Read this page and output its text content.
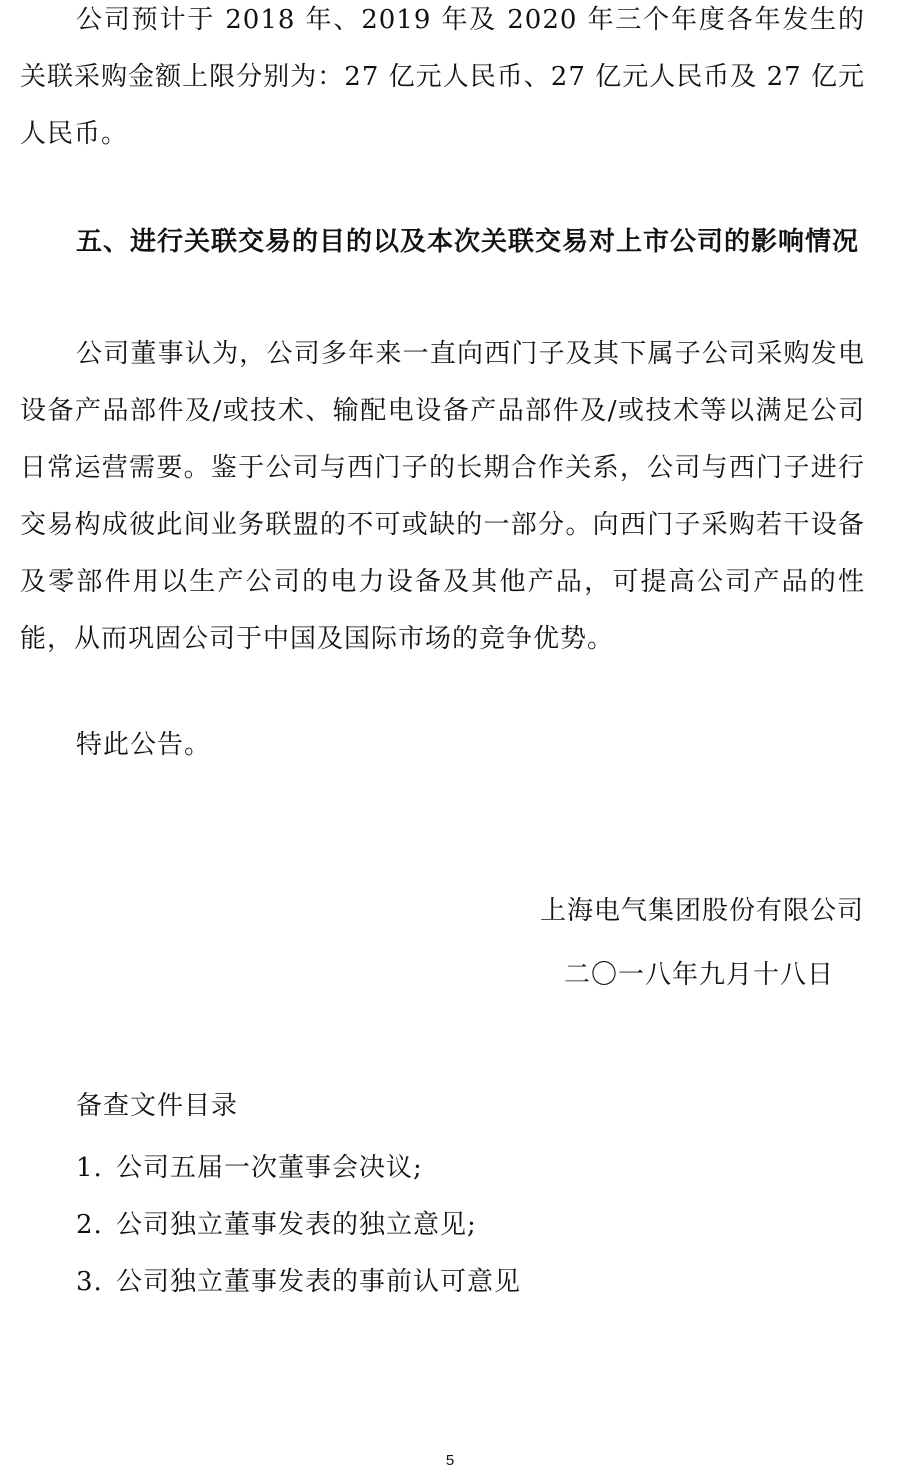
公司预计于 2018 年、2019 年及 2020 年三个年度各年发生的关联采购金额上限分别为：27 亿元人民币、27 亿元人民币及 27 亿元人民币。

五、进行关联交易的目的以及本次关联交易对上市公司的影响情况

公司董事认为，公司多年来一直向西门子及其下属子公司采购发电设备产品部件及/或技术、输配电设备产品部件及/或技术等以满足公司日常运营需要。鉴于公司与西门子的长期合作关系，公司与西门子进行交易构成彼此间业务联盟的不可或缺的一部分。向西门子采购若干设备及零部件用以生产公司的电力设备及其他产品，可提高公司产品的性能，从而巩固公司于中国及国际市场的竞争优势。

特此公告。

上海电气集团股份有限公司

二〇一八年九月十八日

备查文件目录

1. 公司五届一次董事会决议;
2. 公司独立董事发表的独立意见;
3. 公司独立董事发表的事前认可意见
5
